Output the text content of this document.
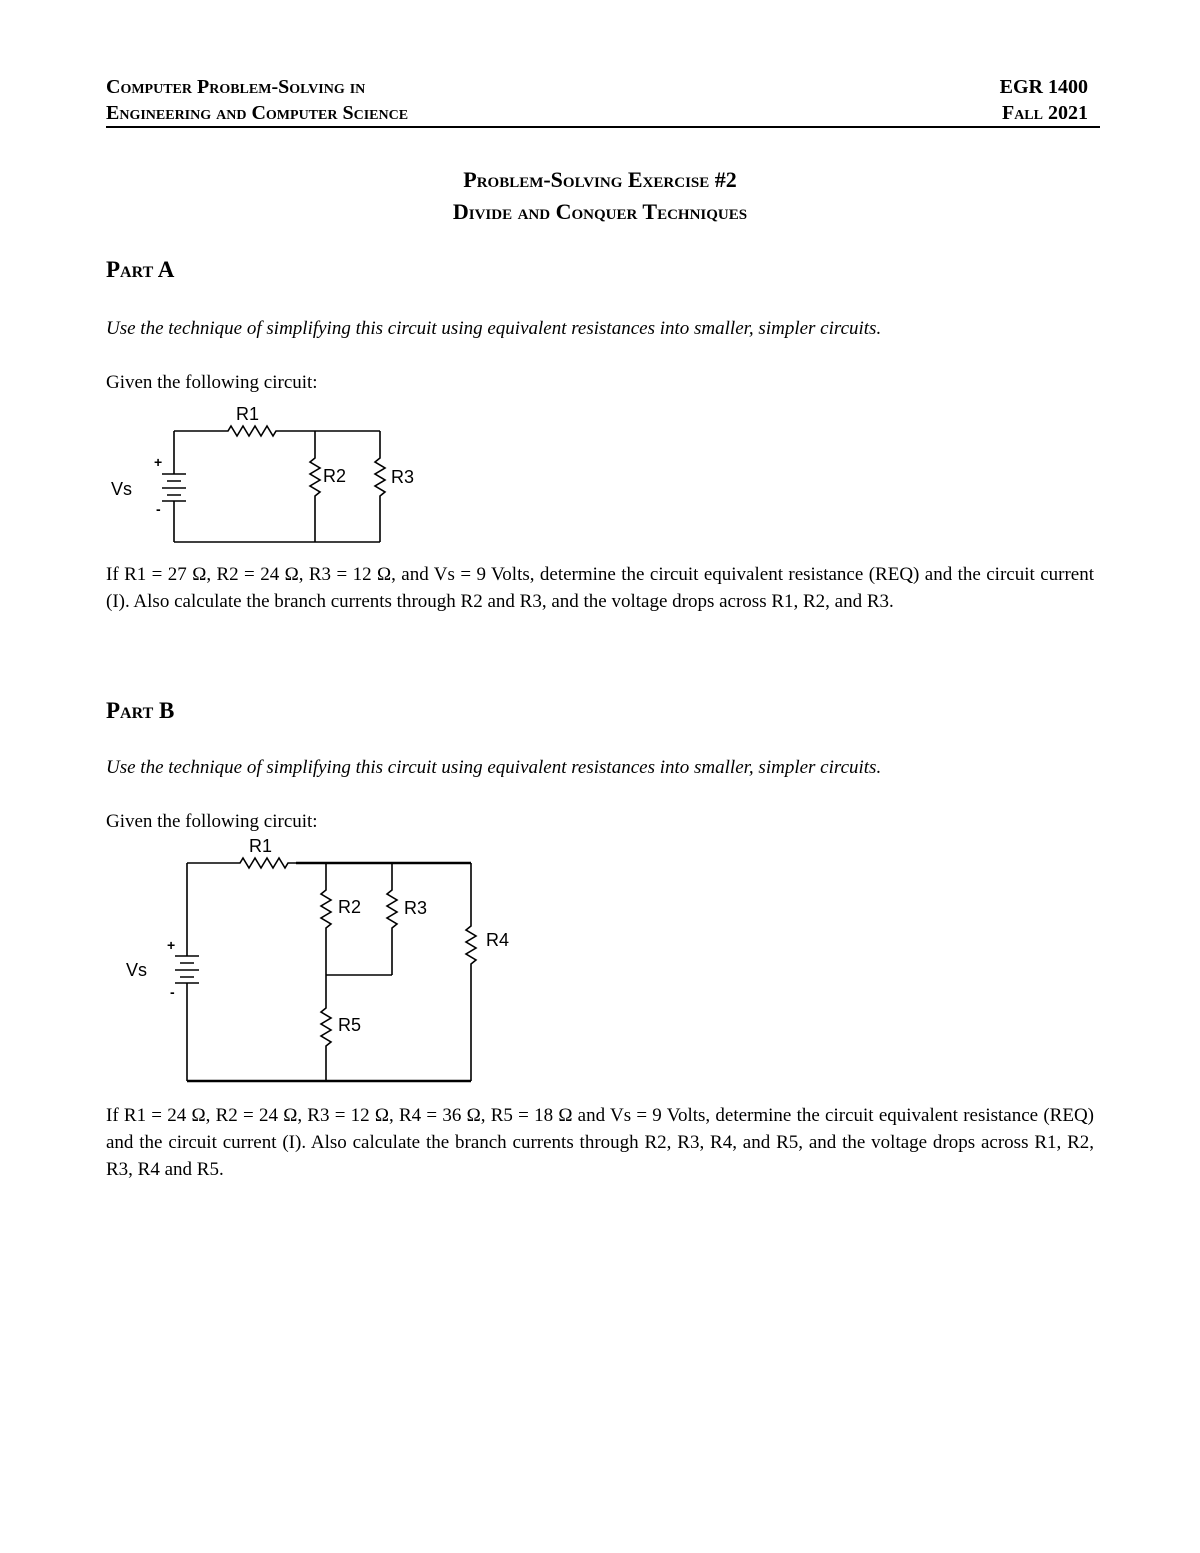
Computer Problem-Solving in
Engineering and Computer Science
EGR 1400
Fall 2021
Problem-Solving Exercise #2
Divide and Conquer Techniques
Part A
Use the technique of simplifying this circuit using equivalent resistances into smaller, simpler circuits.
Given the following circuit:
R1
R2 R3
Vs
+
-
R1
R2 R3
R4
R5
Vs
+
-
If R1 = 27 Ω, R2 = 24 Ω, R3 = 12 Ω, and Vs = 9 Volts, determine the circuit equivalent resistance (REQ) and the circuit current (I). Also calculate the branch currents through R2 and R3, and the voltage drops across R1, R2, and R3.
Part B
Use the technique of simplifying this circuit using equivalent resistances into smaller, simpler circuits.
Given the following circuit:
If R1 = 24 Ω, R2 = 24 Ω, R3 = 12 Ω, R4 = 36 Ω, R5 = 18 Ω and Vs = 9 Volts, determine the circuit equivalent resistance (REQ) and the circuit current (I). Also calculate the branch currents through R2, R3, R4, and R5, and the voltage drops across R1, R2, R3, R4 and R5.
